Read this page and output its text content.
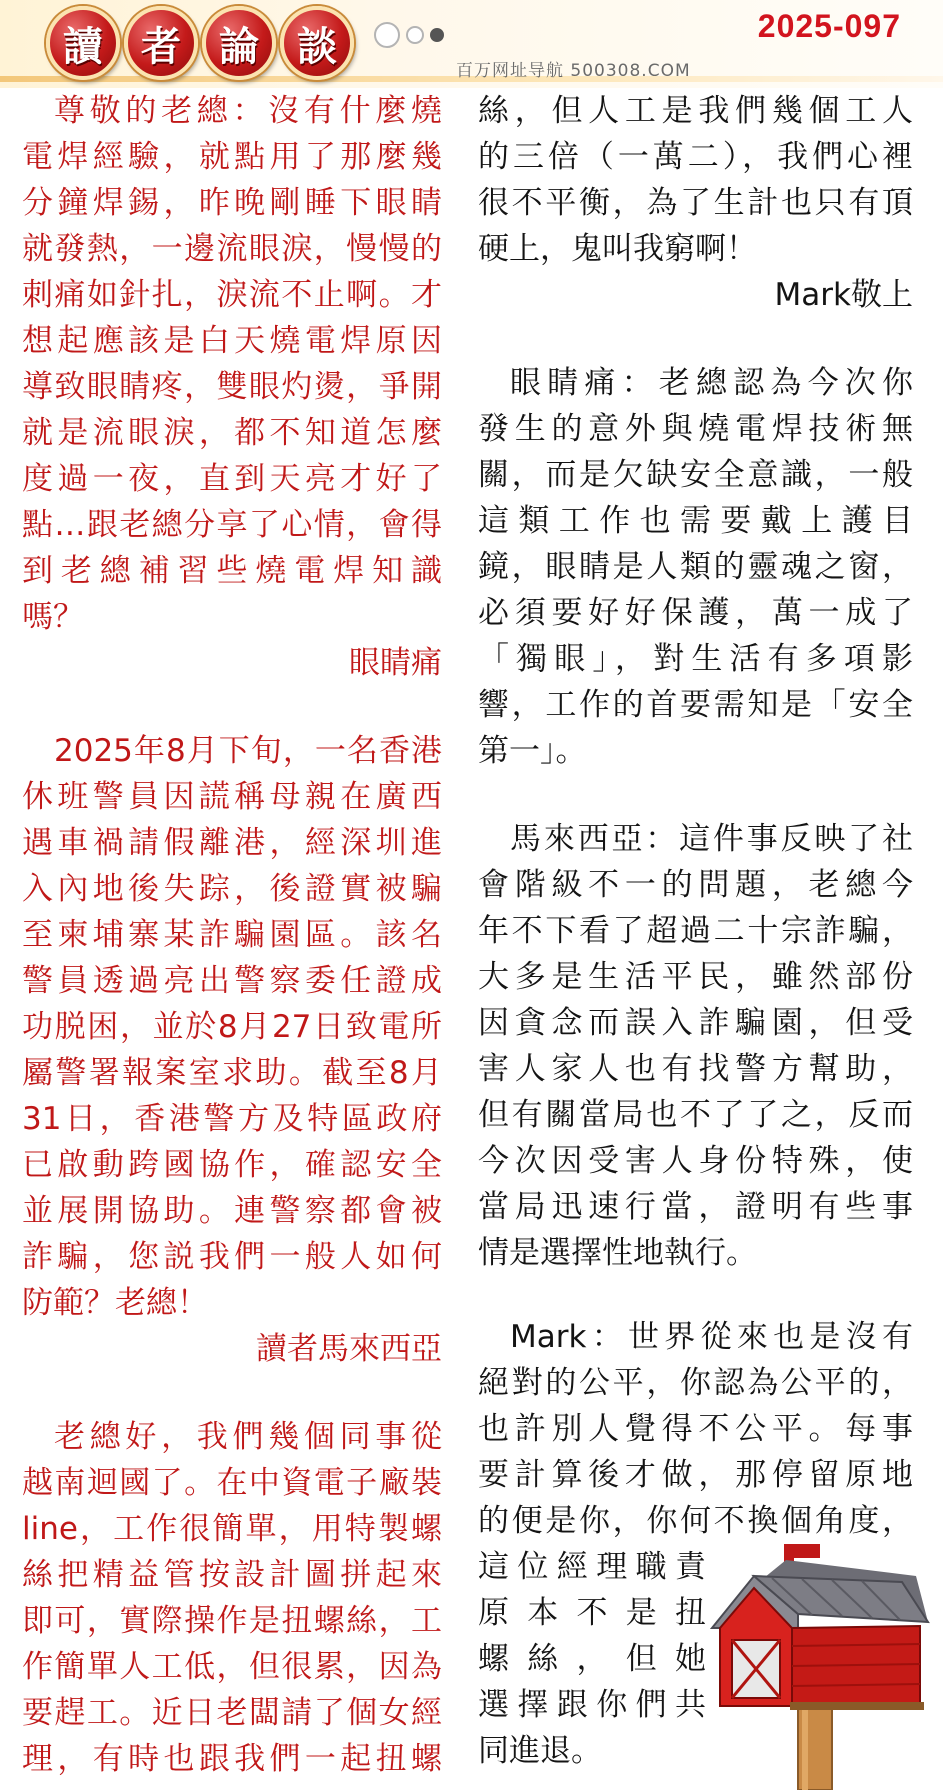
讀 者 論 談	2025-097
百万网址导航 500308.COM
尊敬的老總：沒有什麼燒
電焊經驗，就點用了那麼幾
分鐘焊錫，昨晚剛睡下眼睛
就發熱，一邊流眼淚，慢慢的
刺痛如針扎，淚流不止啊。才
想起應該是白天燒電焊原因
導致眼睛疼，雙眼灼燙，爭開
就是流眼淚，都不知道怎麼
度過一夜，直到天亮才好了
點…跟老總分享了心情，會得
到老總補習些燒電焊知識
嗎？
眼睛痛
2025年8月下旬，一名香港
休班警員因謊稱母親在廣西
遇車禍請假離港，經深圳進
入內地後失踪，後證實被騙
至柬埔寨某詐騙園區。該名
警員透過亮出警察委任證成
功脱困，並於8月27日致電所
屬警署報案室求助。截至8月
31日，香港警方及特區政府
已啟動跨國協作，確認安全
並展開協助。連警察都會被
詐騙，您説我們一般人如何
防範？老總！
讀者馬來西亞
老總好，我們幾個同事從
越南迴國了。在中資電子廠裝
line，工作很簡單，用特製螺
絲把精益管按設計圖拼起來
即可，實際操作是扭螺絲，工
作簡單人工低，但很累，因為
要趕工。近日老闆請了個女經
理，有時也跟我們一起扭螺
絲，但人工是我們幾個工人
的三倍（一萬二），我們心裡
很不平衡，為了生計也只有頂
硬上，鬼叫我窮啊！
Mark敬上
眼睛痛：老總認為今次你
發生的意外與燒電焊技術無
關，而是欠缺安全意識，一般
這類工作也需要戴上護目
鏡，眼睛是人類的靈魂之窗，
必須要好好保護，萬一成了
「獨眼」，對生活有多項影
響，工作的首要需知是「安全
第一」。
馬來西亞：這件事反映了社
會階級不一的問題，老總今
年不下看了超過二十宗詐騙，
大多是生活平民，雖然部份
因貪念而誤入詐騙園，但受
害人家人也有找警方幫助，
但有關當局也不了了之，反而
今次因受害人身份特殊，使
當局迅速行當，證明有些事
情是選擇性地執行。
Mark：世界從來也是沒有
絕對的公平，你認為公平的，
也許別人覺得不公平。每事
要計算後才做，那停留原地
的便是你，你何不換個角度，
這位經理職責
原本不是扭
螺絲，但她
選擇跟你們共
同進退。
